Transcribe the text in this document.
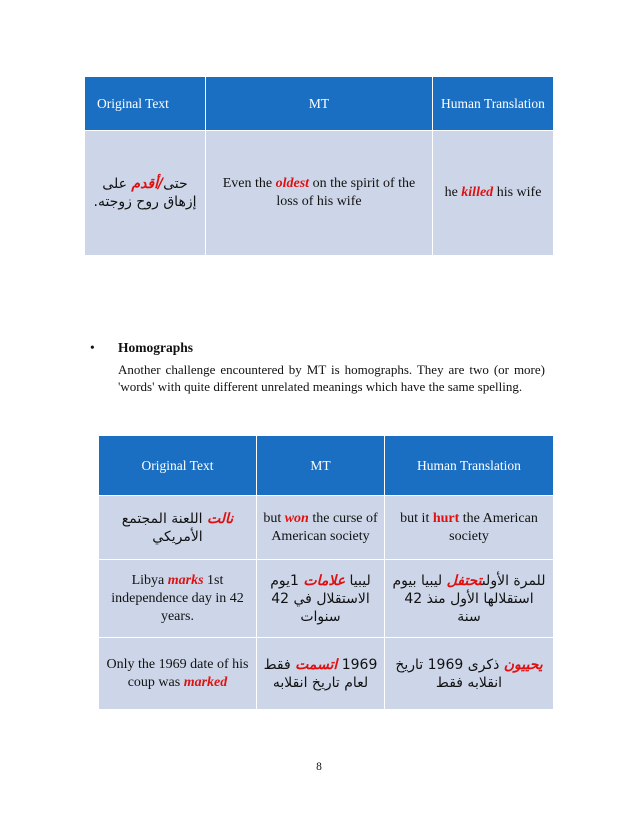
Original Text	MT	Human Translation
حتى/أقدم على إزهاق روح زوجته.	Even the oldest on the spirit of the loss of his wife	he killed his wife
• Homographs
Another challenge encountered by MT is homographs. They are two (or more) 'words' with quite different unrelated meanings which have the same spelling.
Original Text	MT	Human Translation
نالت اللعنة المجتمع الأمريكي	but won the curse of American society	but it hurt the American society
Libya marks 1st independence day in 42 years.	ليبيا علامات 1يوم الاستقلال في 42 سنوات	للمرة الأولىتحتفل ليبيا بيوم استقلالها الأول منذ 42 سنة
Only the 1969 date of his coup was marked	1969 اتسمت فقط لعام تاريخ انقلابه	يحييون ذكرى 1969 تاريخ انقلابه فقط
8
